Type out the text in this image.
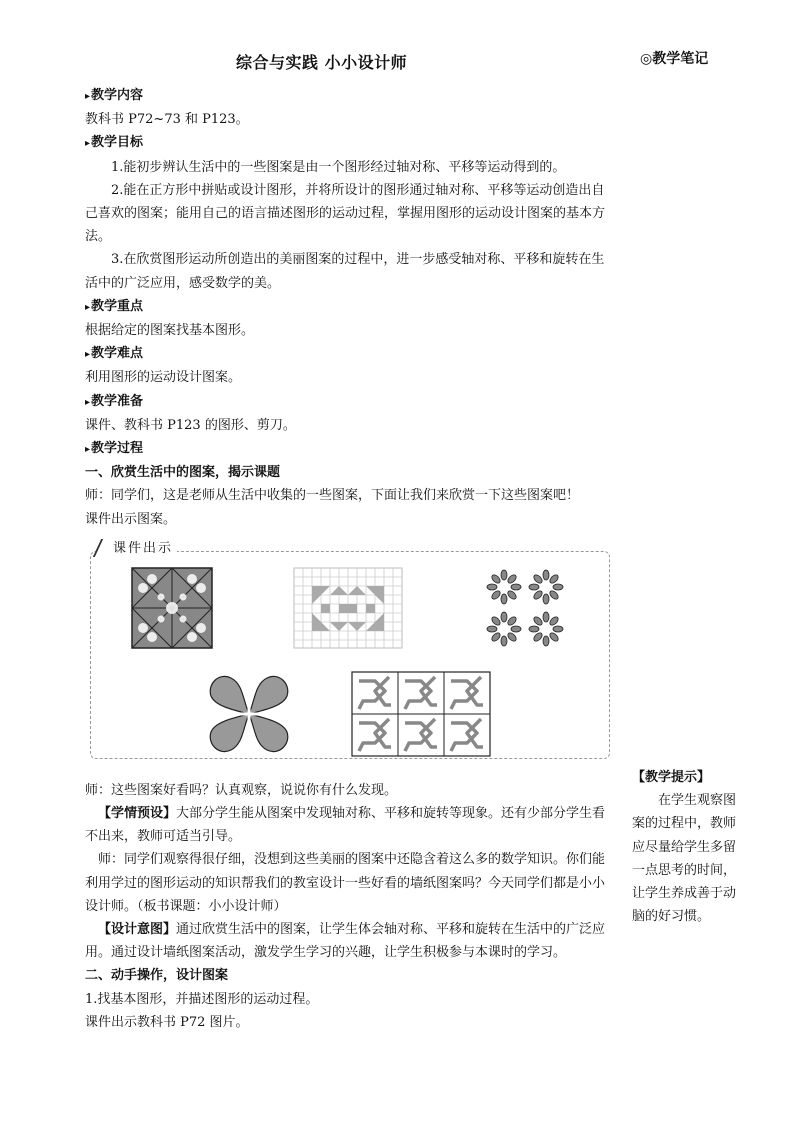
综合与实践 小小设计师	◎教学笔记

▸ 教学内容

教科书 P72~73 和 P123。

▸ 教学目标

1.能初步辨认生活中的一些图案是由一个图形经过轴对称、平移等运动得到的。

2.能在正方形中拼贴或设计图形，并将所设计的图形通过轴对称、平移等运动创造出自己喜欢的图案；能用自己的语言描述图形的运动过程，掌握用图形的运动设计图案的基本方法。

3.在欣赏图形运动所创造出的美丽图案的过程中，进一步感受轴对称、平移和旋转在生活中的广泛应用，感受数学的美。

▸ 教学重点

根据给定的图案找基本图形。

▸ 教学难点

利用图形的运动设计图案。

▸ 教学准备

课件、教科书 P123 的图形、剪刀。

▸ 教学过程

一、欣赏生活中的图案，揭示课题

师：同学们，这是老师从生活中收集的一些图案，下面让我们来欣赏一下这些图案吧！

课件出示图案。

课件出示

师：这些图案好看吗？认真观察，说说你有什么发现。

【学情预设】大部分学生能从图案中发现轴对称、平移和旋转等现象。还有少部分学生看不出来，教师可适当引导。

师：同学们观察得很仔细，没想到这些美丽的图案中还隐含着这么多的数学知识。你们能利用学过的图形运动的知识帮我们的教室设计一些好看的墙纸图案吗？今天同学们都是小小设计师。（板书课题：小小设计师）

【设计意图】通过欣赏生活中的图案，让学生体会轴对称、平移和旋转在生活中的广泛应用。通过设计墙纸图案活动，激发学生学习的兴趣，让学生积极参与本课时的学习。

二、动手操作，设计图案

1.找基本图形，并描述图形的运动过程。

课件出示教科书 P72 图片。

【教学提示】

在学生观察图案的过程中，教师应尽量给学生多留一点思考的时间，让学生养成善于动脑的好习惯。
